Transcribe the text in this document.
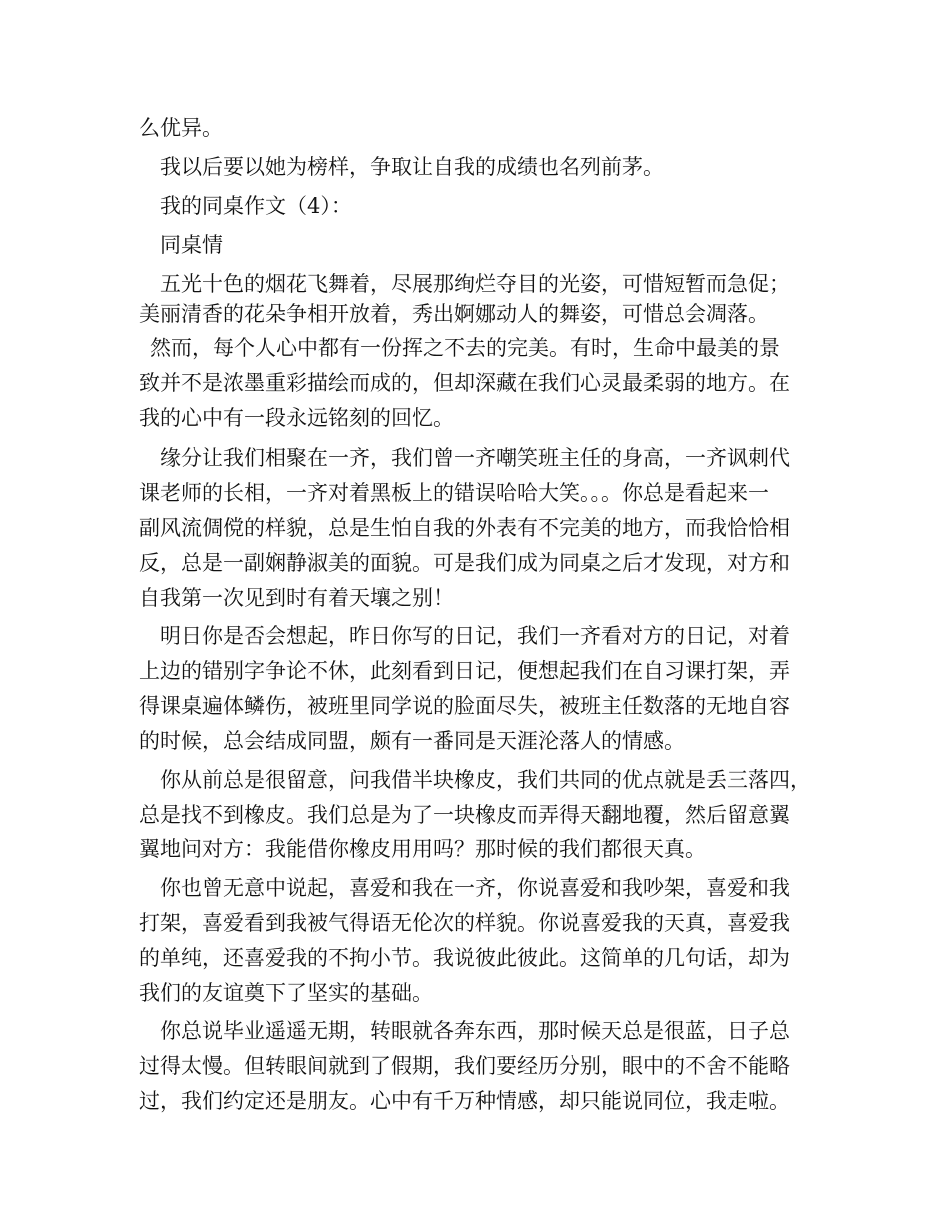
么优异。
我以后要以她为榜样，争取让自我的成绩也名列前茅。
我的同桌作文（4）：
同桌情
五光十色的烟花飞舞着，尽展那绚烂夺目的光姿，可惜短暂而急促；
美丽清香的花朵争相开放着，秀出婀娜动人的舞姿，可惜总会凋落。
然而，每个人心中都有一份挥之不去的完美。有时，生命中最美的景
致并不是浓墨重彩描绘而成的，但却深藏在我们心灵最柔弱的地方。在
我的心中有一段永远铭刻的回忆。
缘分让我们相聚在一齐，我们曾一齐嘲笑班主任的身高，一齐讽刺代
课老师的长相，一齐对着黑板上的错误哈哈大笑。。。你总是看起来一
副风流倜傥的样貌，总是生怕自我的外表有不完美的地方，而我恰恰相
反，总是一副娴静淑美的面貌。可是我们成为同桌之后才发现，对方和
自我第一次见到时有着天壤之别！
明日你是否会想起，昨日你写的日记，我们一齐看对方的日记，对着
上边的错别字争论不休，此刻看到日记，便想起我们在自习课打架，弄
得课桌遍体鳞伤，被班里同学说的脸面尽失，被班主任数落的无地自容
的时候，总会结成同盟，颇有一番同是天涯沦落人的情感。
你从前总是很留意，问我借半块橡皮，我们共同的优点就是丢三落四，
总是找不到橡皮。我们总是为了一块橡皮而弄得天翻地覆，然后留意翼
翼地问对方：我能借你橡皮用用吗？那时候的我们都很天真。
你也曾无意中说起，喜爱和我在一齐，你说喜爱和我吵架，喜爱和我
打架，喜爱看到我被气得语无伦次的样貌。你说喜爱我的天真，喜爱我
的单纯，还喜爱我的不拘小节。我说彼此彼此。这简单的几句话，却为
我们的友谊奠下了坚实的基础。
你总说毕业遥遥无期，转眼就各奔东西，那时候天总是很蓝，日子总
过得太慢。但转眼间就到了假期，我们要经历分别，眼中的不舍不能略
过，我们约定还是朋友。心中有千万种情感，却只能说同位，我走啦。
